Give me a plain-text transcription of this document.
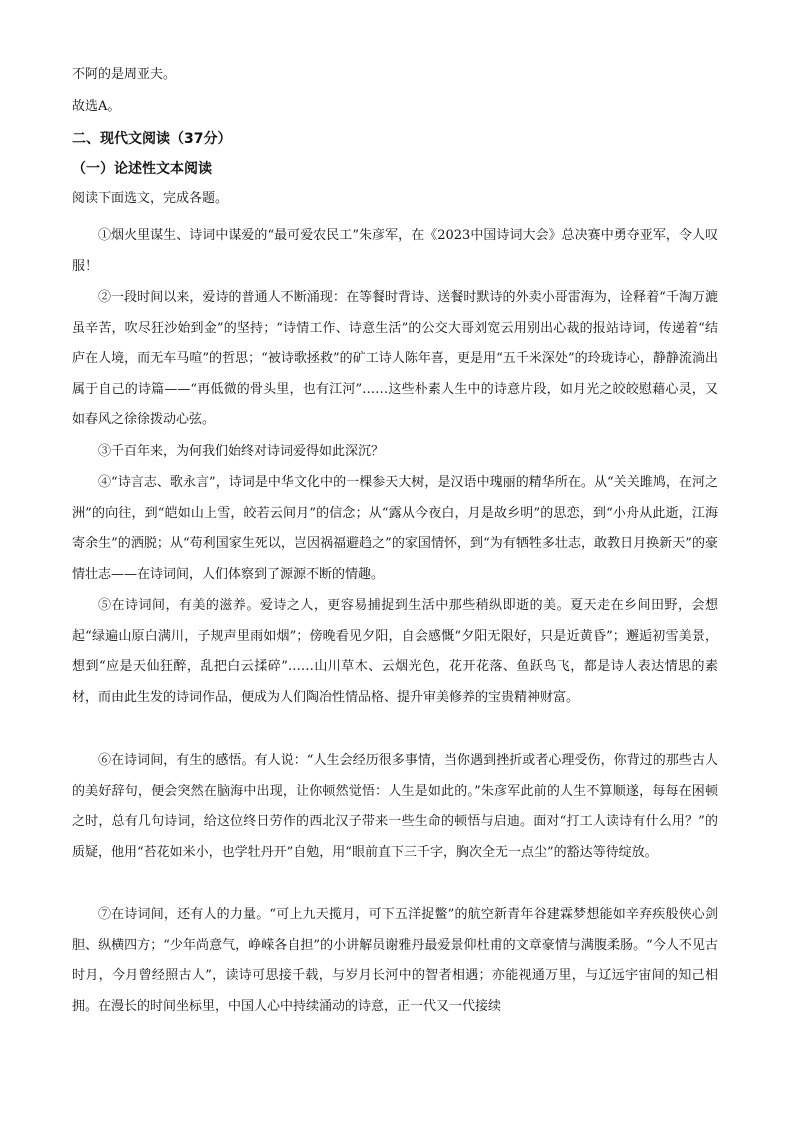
不阿的是周亚夫。
故选A。
二、现代文阅读（37分）
（一）论述性文本阅读
阅读下面选文，完成各题。
①烟火里谋生、诗词中谋爱的“最可爱农民工”朱彦军，在《2023中国诗词大会》总决赛中勇夺亚军，令人叹服！
②一段时间以来，爱诗的普通人不断涌现：在等餐时背诗、送餐时默诗的外卖小哥雷海为，诠释着“千淘万漉虽辛苦，吹尽狂沙始到金”的坚持；“诗情工作、诗意生活”的公交大哥刘宽云用别出心裁的报站诗词，传递着“结庐在人境，而无车马喧”的哲思；“被诗歌拯救”的矿工诗人陈年喜，更是用“五千米深处”的玲珑诗心，静静流淌出属于自己的诗篇——“再低微的骨头里，也有江河”……这些朴素人生中的诗意片段，如月光之皎皎慰藉心灵，又如春风之徐徐拨动心弦。
③千百年来，为何我们始终对诗词爱得如此深沉？
④“诗言志、歌永言”，诗词是中华文化中的一棵参天大树，是汉语中瑰丽的精华所在。从“关关雎鸠，在河之洲”的向往，到“皑如山上雪，皎若云间月”的信念；从“露从今夜白，月是故乡明”的思恋，到“小舟从此逝，江海寄余生”的洒脱；从“苟利国家生死以，岂因祸福避趋之”的家国情怀，到“为有牺牲多壮志，敢教日月换新天”的豪情壮志——在诗词间，人们体察到了源源不断的情趣。
⑤在诗词间，有美的滋养。爱诗之人，更容易捕捉到生活中那些稍纵即逝的美。夏天走在乡间田野，会想起“绿遍山原白满川，子规声里雨如烟”；傍晚看见夕阳，自会感慨“夕阳无限好，只是近黄昏”；邂逅初雪美景，想到“应是天仙狂醉，乱把白云揉碎”……山川草木、云烟光色，花开花落、鱼跃鸟飞，都是诗人表达情思的素材，而由此生发的诗词作品，便成为人们陶冶性情品格、提升审美修养的宝贵精神财富。
⑥在诗词间，有生的感悟。有人说：“人生会经历很多事情，当你遇到挫折或者心理受伤，你背过的那些古人的美好辞句，便会突然在脑海中出现，让你顿然觉悟：人生是如此的。”朱彦军此前的人生不算顺遂，每每在困顿之时，总有几句诗词，给这位终日劳作的西北汉子带来一些生命的顿悟与启迪。面对“打工人读诗有什么用？”的质疑，他用“苔花如米小，也学牡丹开”自勉，用“眼前直下三千字，胸次全无一点尘”的豁达等待绽放。
⑦在诗词间，还有人的力量。“可上九天揽月，可下五洋捉鳖”的航空新青年谷建霖梦想能如辛弃疾般侠心剑胆、纵横四方；“少年尚意气，峥嵘各自担”的小讲解员谢雅丹最爱景仰杜甫的文章豪情与满腹柔肠。“今人不见古时月，今月曾经照古人”，读诗可思接千载，与岁月长河中的智者相遇；亦能视通万里，与辽远宇宙间的知己相拥。在漫长的时间坐标里，中国人心中持续涌动的诗意，正一代又一代接续
